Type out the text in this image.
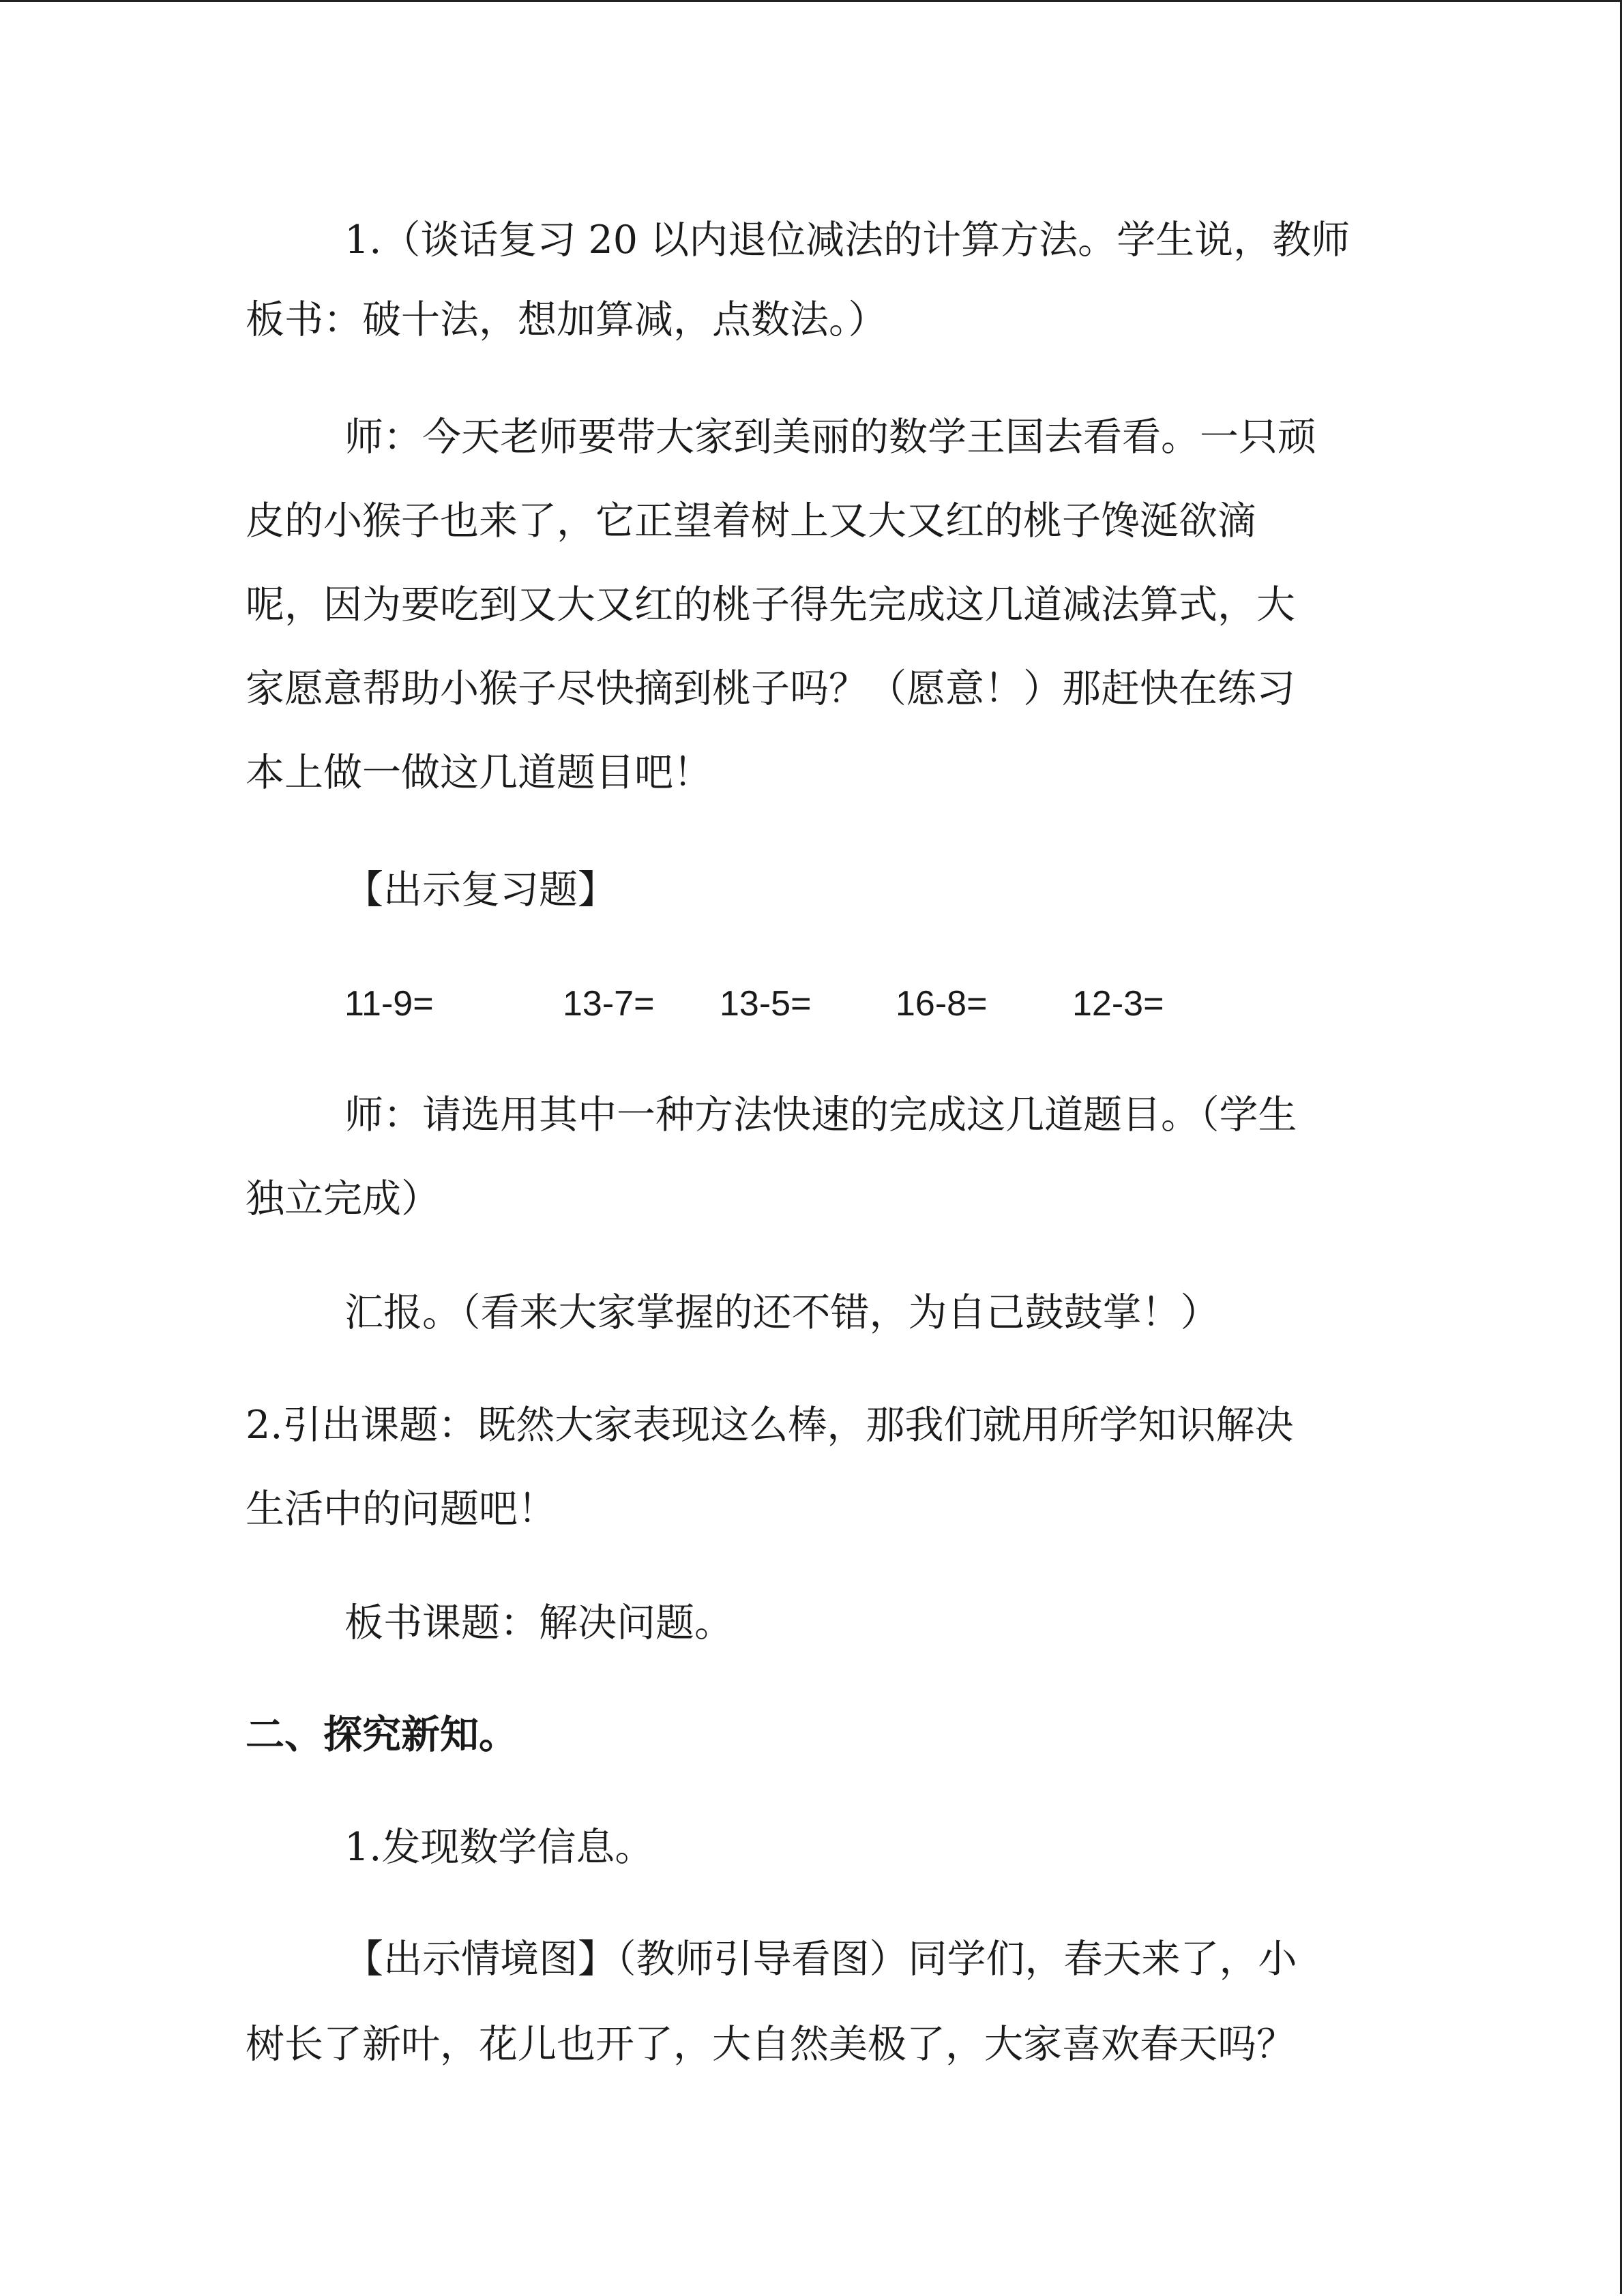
1.（谈话复习 20 以内退位减法的计算方法。学生说，教师
板书：破十法，想加算减，点数法。）
师：今天老师要带大家到美丽的数学王国去看看。一只顽
皮的小猴子也来了，它正望着树上又大又红的桃子馋涎欲滴
呢，因为要吃到又大又红的桃子得先完成这几道减法算式，大
家愿意帮助小猴子尽快摘到桃子吗？（愿意！）那赶快在练习
本上做一做这几道题目吧！
【出示复习题】
11-9=	13-7= 13-5= 16-8= 12-3=
师：请选用其中一种方法快速的完成这几道题目。（学生
独立完成）
汇报。（看来大家掌握的还不错，为自己鼓鼓掌！）
2.引出课题：既然大家表现这么棒，那我们就用所学知识解决
生活中的问题吧！
板书课题：解决问题。
二、探究新知。
1.发现数学信息。
【出示情境图】（教师引导看图）同学们，春天来了，小
树长了新叶，花儿也开了，大自然美极了，大家喜欢春天吗？
